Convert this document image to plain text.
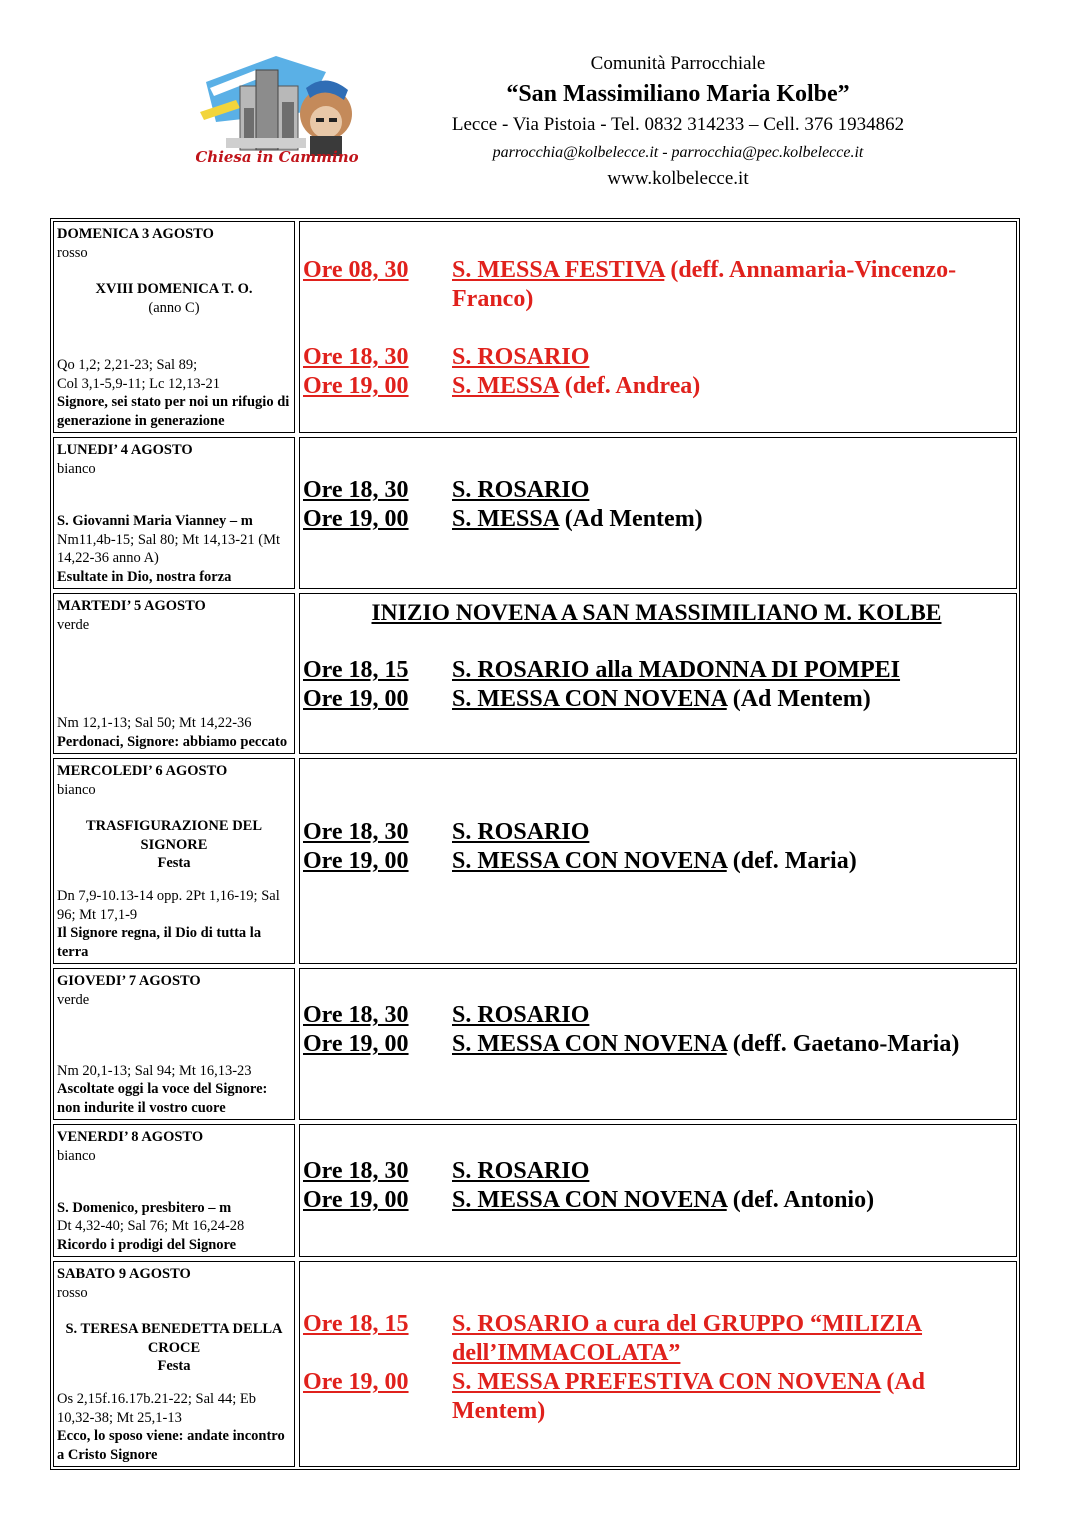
Chiesa in Cammino
Comunità Parrocchiale
“San Massimiliano Maria Kolbe”
Lecce - Via Pistoia - Tel. 0832 314233 – Cell. 376 1934862
parrocchia@kolbelecce.it - parrocchia@pec.kolbelecce.it
www.kolbelecce.it
DOMENICA 3 AGOSTO
rosso
XVIII DOMENICA T. O.
(anno C)
Qo 1,2; 2,21-23; Sal 89;
Col 3,1-5,9-11; Lc 12,13-21
Signore, sei stato per noi un rifugio di generazione in generazione
Ore 08, 30	S. MESSA FESTIVA (deff. Annamaria-Vincenzo-Franco)
Ore 18, 30	S. ROSARIO
Ore 19, 00	S. MESSA (def. Andrea)
LUNEDI’ 4 AGOSTO
bianco
S. Giovanni Maria Vianney – m
Nm11,4b-15; Sal 80; Mt 14,13-21 (Mt 14,22-36 anno A)
Esultate in Dio, nostra forza
Ore 18, 30	S. ROSARIO
Ore 19, 00	S. MESSA (Ad Mentem)
MARTEDI’ 5 AGOSTO
verde
Nm 12,1-13; Sal 50; Mt 14,22-36
Perdonaci, Signore: abbiamo peccato
INIZIO NOVENA A SAN MASSIMILIANO M. KOLBE
Ore 18, 15	S. ROSARIO alla MADONNA DI POMPEI
Ore 19, 00	S. MESSA CON NOVENA (Ad Mentem)
MERCOLEDI’ 6 AGOSTO
bianco
TRASFIGURAZIONE DEL SIGNORE
Festa
Dn 7,9-10.13-14 opp. 2Pt 1,16-19; Sal 96; Mt 17,1-9
Il Signore regna, il Dio di tutta la terra
Ore 18, 30	S. ROSARIO
Ore 19, 00	S. MESSA CON NOVENA (def. Maria)
GIOVEDI’ 7 AGOSTO
verde
Nm 20,1-13; Sal 94; Mt 16,13-23
Ascoltate oggi la voce del Signore: non indurite il vostro cuore
Ore 18, 30	S. ROSARIO
Ore 19, 00	S. MESSA CON NOVENA (deff. Gaetano-Maria)
VENERDI’ 8 AGOSTO
bianco
S. Domenico, presbitero – m
Dt 4,32-40; Sal 76; Mt 16,24-28
Ricordo i prodigi del Signore
Ore 18, 30	S. ROSARIO
Ore 19, 00	S. MESSA CON NOVENA (def. Antonio)
SABATO 9 AGOSTO
rosso
S. TERESA BENEDETTA DELLA CROCE
Festa
Os 2,15f.16.17b.21-22; Sal 44; Eb 10,32-38; Mt 25,1-13
Ecco, lo sposo viene: andate incontro a Cristo Signore
Ore 18, 15	S. ROSARIO a cura del GRUPPO “MILIZIA dell’IMMACOLATA”
Ore 19, 00	S. MESSA PREFESTIVA CON NOVENA (Ad Mentem)
